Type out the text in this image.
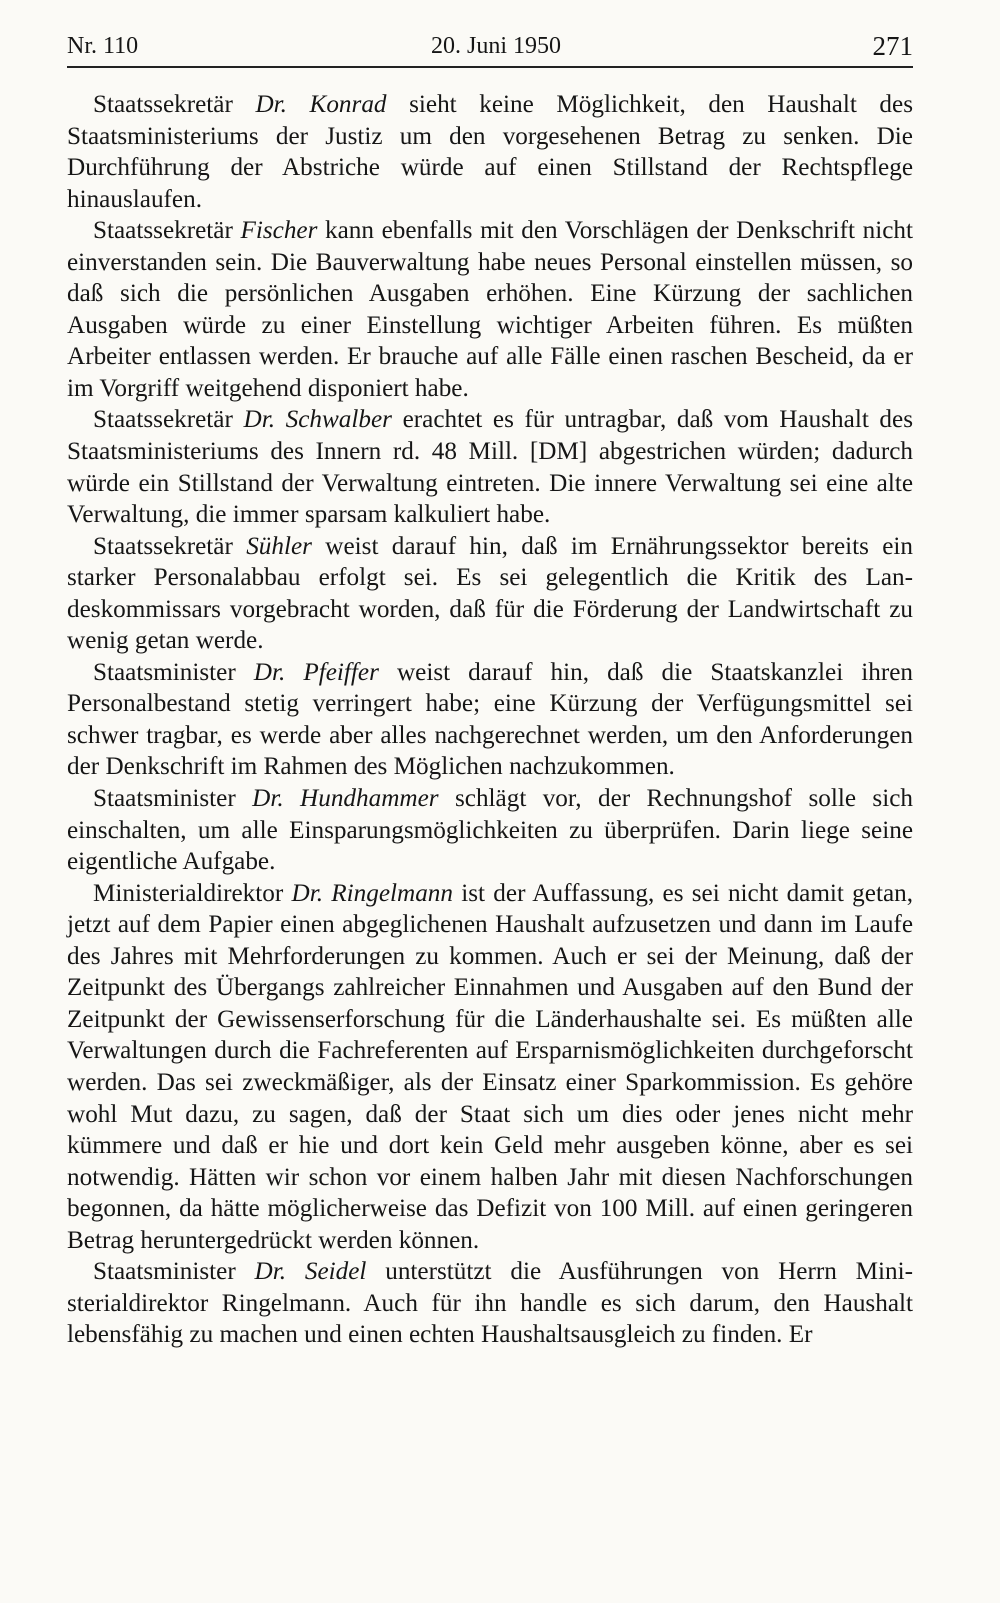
Nr. 110	20. Juni 1950	271

Staatssekretär Dr. Konrad sieht keine Möglichkeit, den Haushalt des Staatsministeriums der Justiz um den vorgesehenen Betrag zu senken. Die Durchführung der Abstriche würde auf einen Stillstand der Rechtspflege hinauslaufen.

Staatssekretär Fischer kann ebenfalls mit den Vorschlägen der Denkschrift nicht einverstanden sein. Die Bauverwaltung habe neues Personal einstellen müssen, so daß sich die persönlichen Ausgaben erhöhen. Eine Kürzung der sachlichen Ausgaben würde zu einer Einstellung wichtiger Arbeiten führen. Es müßten Arbeiter entlassen werden. Er brauche auf alle Fälle einen raschen Bescheid, da er im Vorgriff weitgehend disponiert habe.

Staatssekretär Dr. Schwalber erachtet es für untragbar, daß vom Haushalt des Staatsministeriums des Innern rd. 48 Mill. [DM] abgestrichen würden; dadurch würde ein Stillstand der Verwaltung eintreten. Die innere Verwaltung sei eine alte Verwaltung, die immer sparsam kalkuliert habe.

Staatssekretär Sühler weist darauf hin, daß im Ernährungssektor bereits ein starker Personalabbau erfolgt sei. Es sei gelegentlich die Kritik des Landeskommissars vorgebracht worden, daß für die Förderung der Landwirtschaft zu wenig getan werde.

Staatsminister Dr. Pfeiffer weist darauf hin, daß die Staatskanzlei ihren Personalbestand stetig verringert habe; eine Kürzung der Verfügungsmittel sei schwer tragbar, es werde aber alles nachgerechnet werden, um den Anforderungen der Denkschrift im Rahmen des Möglichen nachzukommen.

Staatsminister Dr. Hundhammer schlägt vor, der Rechnungshof solle sich einschalten, um alle Einsparungsmöglichkeiten zu überprüfen. Darin liege seine eigentliche Aufgabe.

Ministerialdirektor Dr. Ringelmann ist der Auffassung, es sei nicht damit getan, jetzt auf dem Papier einen abgeglichenen Haushalt aufzusetzen und dann im Laufe des Jahres mit Mehrforderungen zu kommen. Auch er sei der Meinung, daß der Zeitpunkt des Übergangs zahlreicher Einnahmen und Ausgaben auf den Bund der Zeitpunkt der Gewissenserforschung für die Länderhaushalte sei. Es müßten alle Verwaltungen durch die Fachreferenten auf Ersparnismöglichkeiten durchgeforscht werden. Das sei zweckmäßiger, als der Einsatz einer Sparkommission. Es gehöre wohl Mut dazu, zu sagen, daß der Staat sich um dies oder jenes nicht mehr kümmere und daß er hie und dort kein Geld mehr ausgeben könne, aber es sei notwendig. Hätten wir schon vor einem halben Jahr mit diesen Nachforschungen begonnen, da hätte möglicherweise das Defizit von 100 Mill. auf einen geringeren Betrag heruntergedrückt werden können.

Staatsminister Dr. Seidel unterstützt die Ausführungen von Herrn Ministerialdirektor Ringelmann. Auch für ihn handle es sich darum, den Haushalt lebensfähig zu machen und einen echten Haushaltsausgleich zu finden. Er
